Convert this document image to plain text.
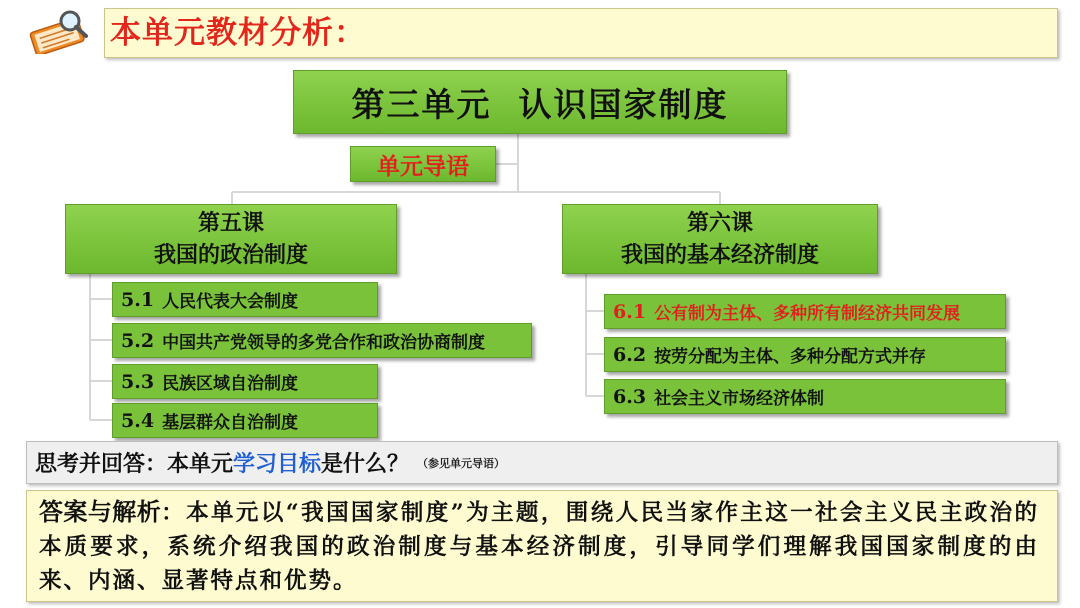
本单元教材分析：
第三单元  认识国家制度
单元导语
第五课
我国的政治制度
第六课
我国的基本经济制度
5.1 人民代表大会制度
5.2 中国共产党领导的多党合作和政治协商制度
5.3 民族区域自治制度
5.4 基层群众自治制度
6.1 公有制为主体、多种所有制经济共同发展
6.2 按劳分配为主体、多种分配方式并存
6.3 社会主义市场经济体制
思考并回答：本单元 学习目标 是什么？ （参见单元导语）
答案与解析：本单元以“我国国家制度”为主题，围绕人民当家作主这一社会主义民主政治的本质要求，系统介绍我国的政治制度与基本经济制度，引导同学们理解我国国家制度的由来、内涵、显著特点和优势。
